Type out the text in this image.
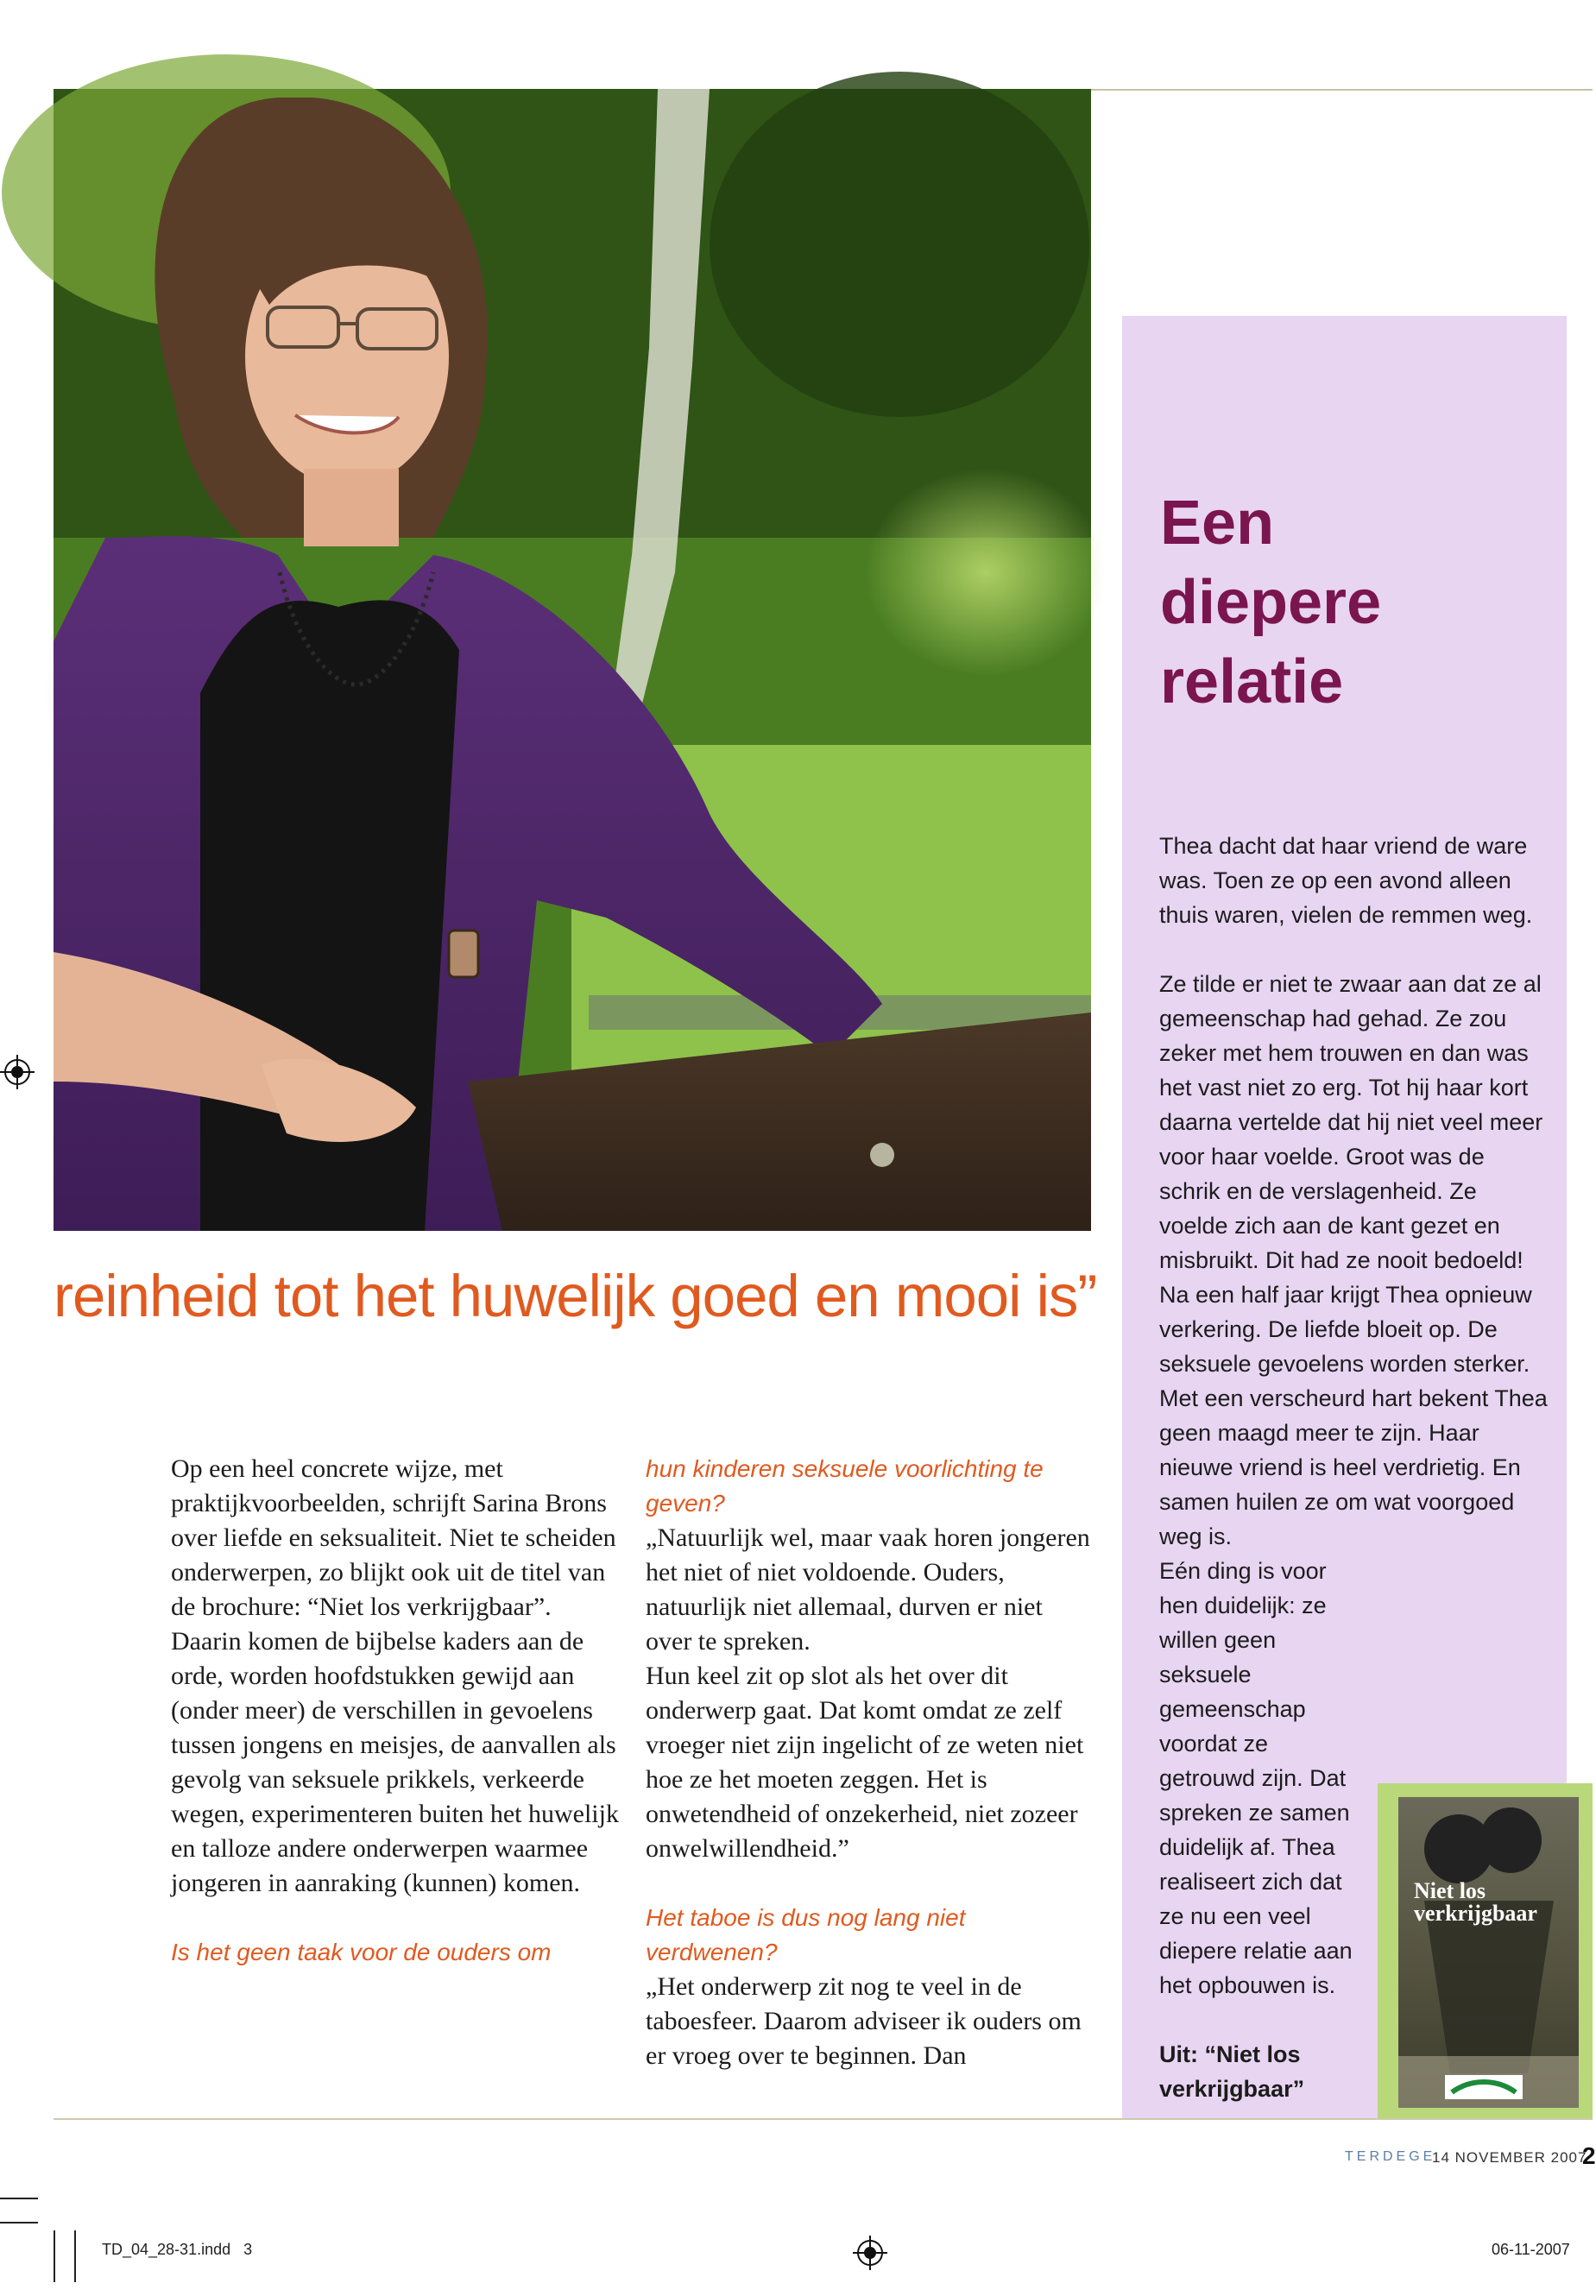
reinheid tot het huwelijk goed en mooi is”

Op een heel concrete wijze, met praktijkvoorbeelden, schrijft Sarina Brons over liefde en seksualiteit. Niet te scheiden onderwerpen, zo blijkt ook uit de titel van de brochure: “Niet los verkrijgbaar”.

Daarin komen de bijbelse kaders aan de orde, worden hoofdstukken gewijd aan (onder meer) de verschillen in gevoelens tussen jongens en meisjes, de aanvallen als gevolg van seksuele prikkels, verkeerde wegen, experimenteren buiten het huwelijk en talloze andere onderwerpen waarmee jongeren in aanraking (kunnen) komen.

Is het geen taak voor de ouders om

hun kinderen seksuele voorlichting te geven?

„Natuurlijk wel, maar vaak horen jongeren het niet of niet voldoende. Ouders, natuurlijk niet allemaal, durven er niet over te spreken.

Hun keel zit op slot als het over dit onderwerp gaat. Dat komt omdat ze zelf vroeger niet zijn ingelicht of ze weten niet hoe ze het moeten zeggen. Het is onwetendheid of onzekerheid, niet zozeer onwelwillendheid.”

Het taboe is dus nog lang niet verdwenen?

„Het onderwerp zit nog te veel in de taboesfeer. Daarom adviseer ik ouders om er vroeg over te beginnen. Dan

Een
diepere
relatie

Thea dacht dat haar vriend de ware was. Toen ze op een avond alleen thuis waren, vielen de remmen weg.

Ze tilde er niet te zwaar aan dat ze al gemeenschap had gehad. Ze zou zeker met hem trouwen en dan was het vast niet zo erg. Tot hij haar kort daarna vertelde dat hij niet veel meer voor haar voelde. Groot was de schrik en de verslagenheid. Ze voelde zich aan de kant gezet en misbruikt. Dit had ze nooit bedoeld!

Na een half jaar krijgt Thea opnieuw verkering. De liefde bloeit op. De seksuele gevoelens worden sterker. Met een verscheurd hart bekent Thea geen maagd meer te zijn. Haar nieuwe vriend is heel verdrietig. En samen huilen ze om wat voorgoed weg is.

Eén ding is voor hen duidelijk: ze willen geen seksuele gemeenschap voordat ze getrouwd zijn. Dat spreken ze samen duidelijk af. Thea realiseert zich dat ze nu een veel diepere relatie aan het opbouwen is.

Uit: “Niet los verkrijgbaar”

Niet los verkrijgbaar
TERDEGE
14 NOVEMBER 2007
2
TD_04_28-31.indd   3	06-11-2007
